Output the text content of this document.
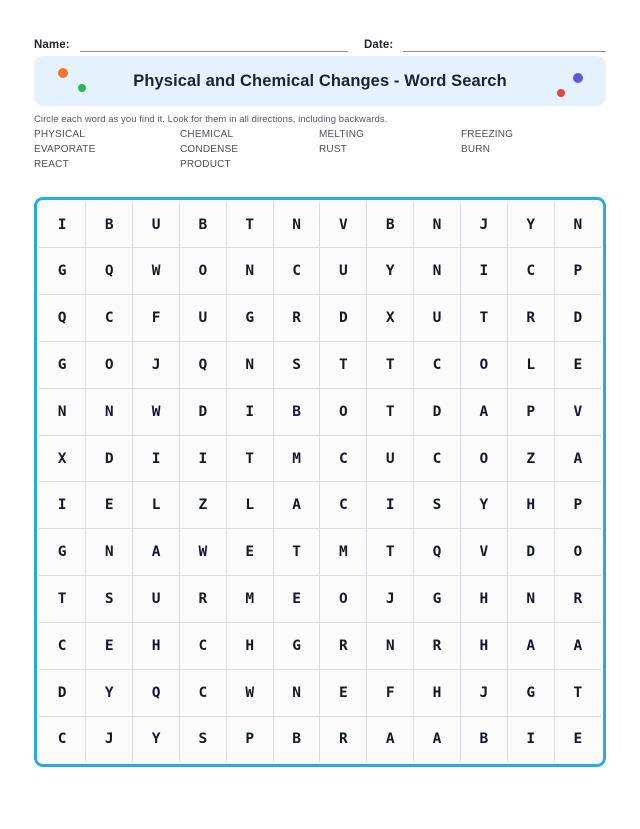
Name:	Date:
Physical and Chemical Changes - Word Search
Circle each word as you find it. Look for them in all directions, including backwards.
PHYSICAL	CHEMICAL	MELTING	FREEZING
EVAPORATE	CONDENSE	RUST	BURN
REACT	PRODUCT
I	B	U	B	T	N	V	B	N	J	Y	N
G	Q	W	O	N	C	U	Y	N	I	C	P
Q	C	F	U	G	R	D	X	U	T	R	D
G	O	J	Q	N	S	T	T	C	O	L	E
N	N	W	D	I	B	O	T	D	A	P	V
X	D	I	I	T	M	C	U	C	O	Z	A
I	E	L	Z	L	A	C	I	S	Y	H	P
G	N	A	W	E	T	M	T	Q	V	D	O
T	S	U	R	M	E	O	J	G	H	N	R
C	E	H	C	H	G	R	N	R	H	A	A
D	Y	Q	C	W	N	E	F	H	J	G	T
C	J	Y	S	P	B	R	A	A	B	I	E
